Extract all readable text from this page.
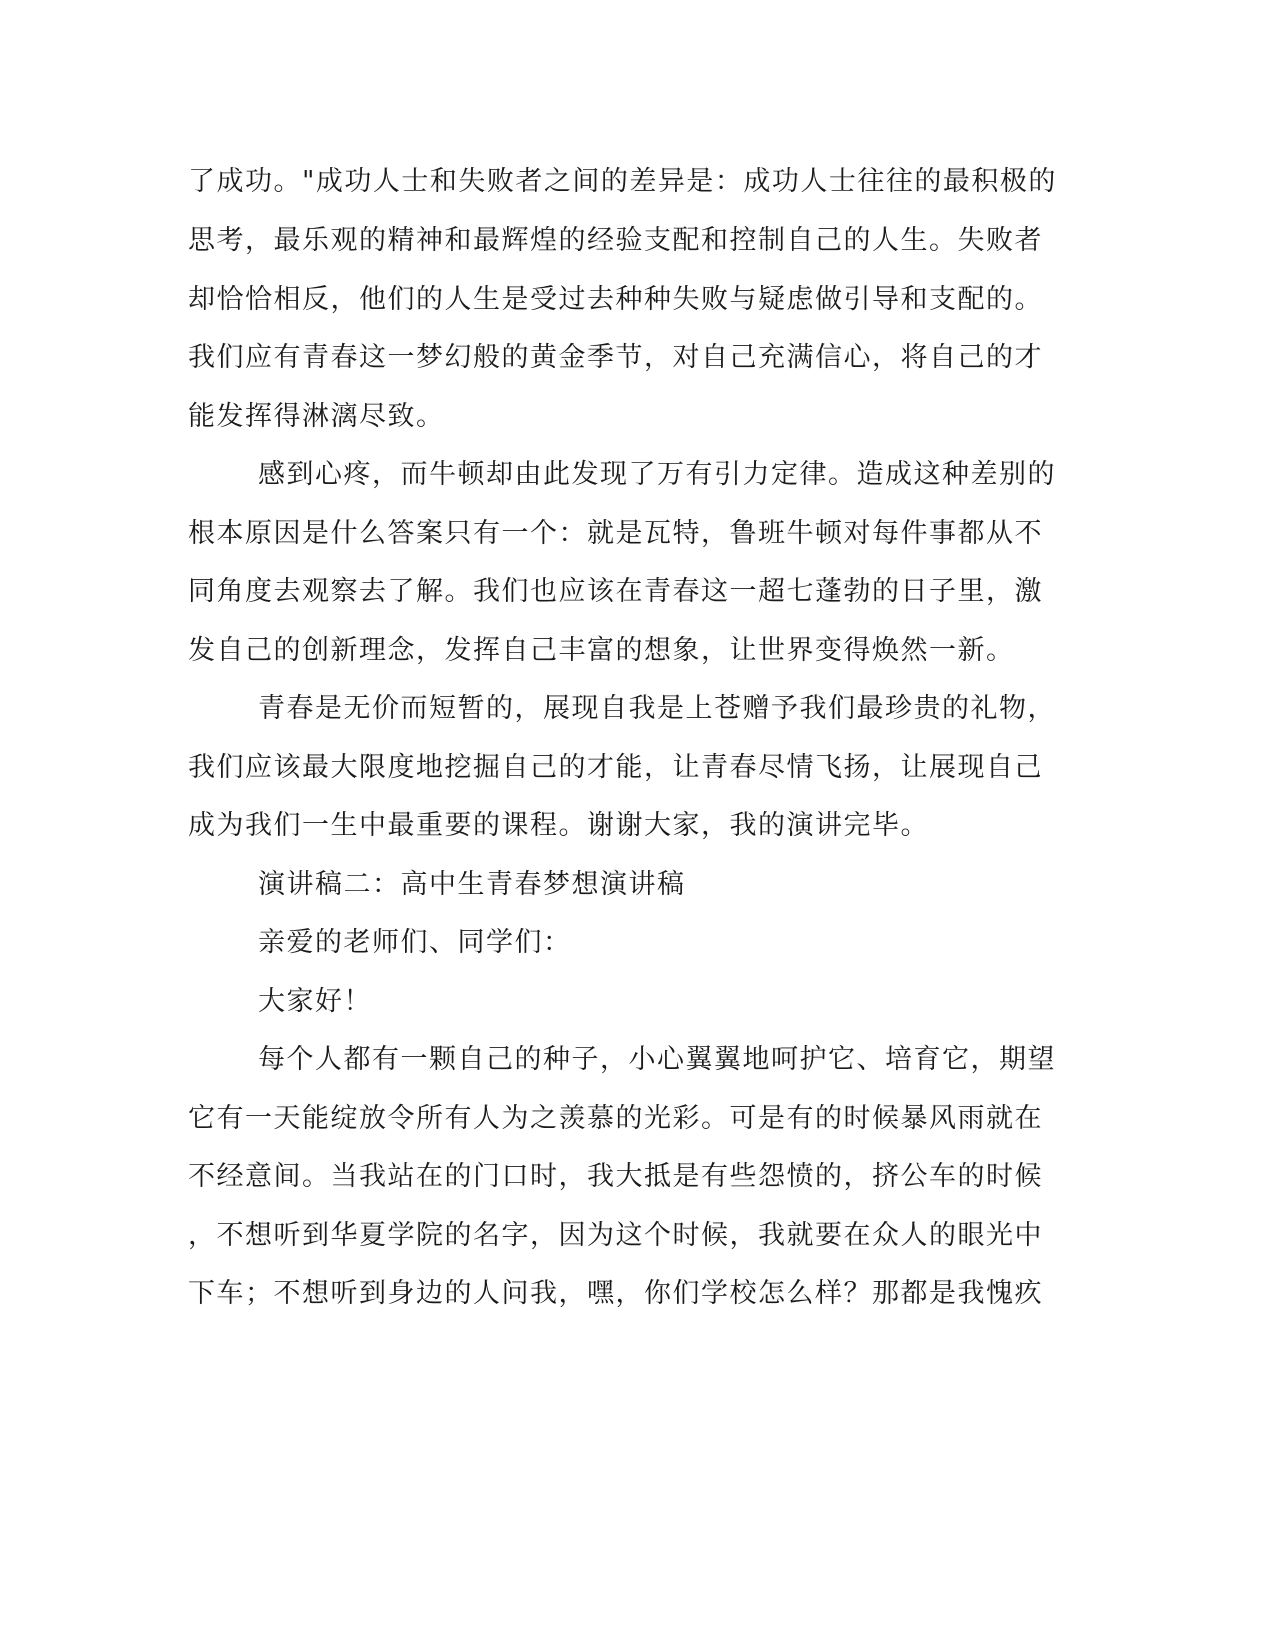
了成功。"成功人士和失败者之间的差异是：成功人士往往的最积极的
思考，最乐观的精神和最辉煌的经验支配和控制自己的人生。失败者
却恰恰相反，他们的人生是受过去种种失败与疑虑做引导和支配的。
我们应有青春这一梦幻般的黄金季节，对自己充满信心，将自己的才
能发挥得淋漓尽致。
感到心疼，而牛顿却由此发现了万有引力定律。造成这种差别的
根本原因是什么答案只有一个：就是瓦特，鲁班牛顿对每件事都从不
同角度去观察去了解。我们也应该在青春这一超七蓬勃的日子里，激
发自己的创新理念，发挥自己丰富的想象，让世界变得焕然一新。
青春是无价而短暂的，展现自我是上苍赠予我们最珍贵的礼物，
我们应该最大限度地挖掘自己的才能，让青春尽情飞扬，让展现自己
成为我们一生中最重要的课程。谢谢大家，我的演讲完毕。
演讲稿二：高中生青春梦想演讲稿
亲爱的老师们、同学们：
大家好！
每个人都有一颗自己的种子，小心翼翼地呵护它、培育它，期望
它有一天能绽放令所有人为之羡慕的光彩。可是有的时候暴风雨就在
不经意间。当我站在的门口时，我大抵是有些怨愤的，挤公车的时候
，不想听到华夏学院的名字，因为这个时候，我就要在众人的眼光中
下车；不想听到身边的人问我，嘿，你们学校怎么样？那都是我愧疚
